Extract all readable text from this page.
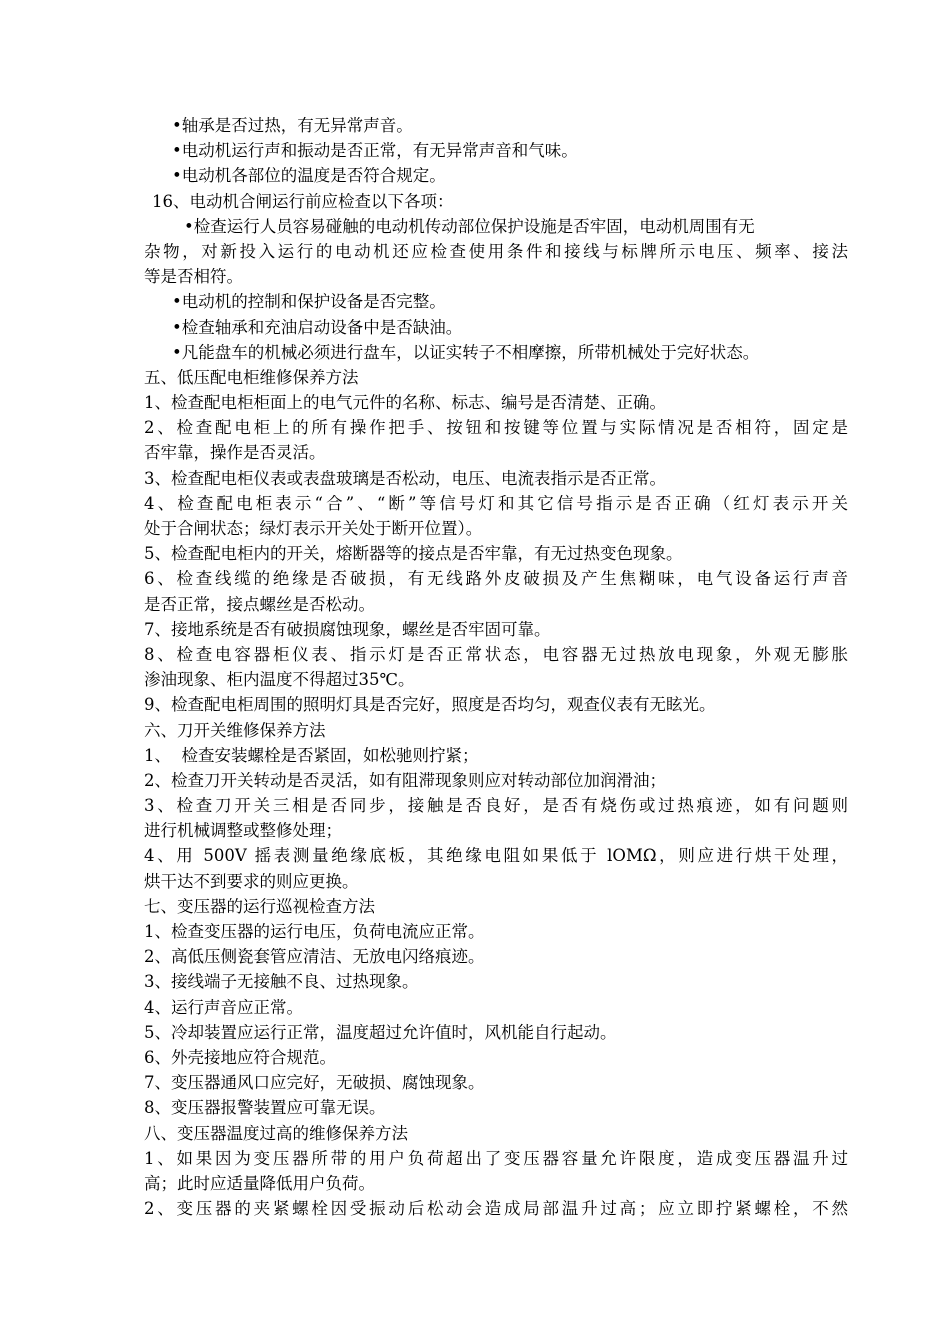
•轴承是否过热，有无异常声音。
•电动机运行声和振动是否正常，有无异常声音和气味。
•电动机各部位的温度是否符合规定。
16、电动机合闸运行前应检查以下各项：
•检查运行人员容易碰触的电动机传动部位保护设施是否牢固，电动机周围有无
杂物，对新投入运行的电动机还应检查使用条件和接线与标牌所示电压、频率、接法
等是否相符。
•电动机的控制和保护设备是否完整。
•检查轴承和充油启动设备中是否缺油。
•凡能盘车的机械必须进行盘车，以证实转子不相摩擦，所带机械处于完好状态。
五、低压配电柜维修保养方法
1、检查配电柜柜面上的电气元件的名称、标志、编号是否清楚、正确。
2、检查配电柜上的所有操作把手、按钮和按键等位置与实际情况是否相符，固定是
否牢靠，操作是否灵活。
3、检查配电柜仪表或表盘玻璃是否松动，电压、电流表指示是否正常。
4、检查配电柜表示“合”、“断”等信号灯和其它信号指示是否正确（红灯表示开关
处于合闸状态；绿灯表示开关处于断开位置）。
5、检查配电柜内的开关，熔断器等的接点是否牢靠，有无过热变色现象。
6、检查线缆的绝缘是否破损，有无线路外皮破损及产生焦糊味，电气设备运行声音
是否正常，接点螺丝是否松动。
7、接地系统是否有破损腐蚀现象，螺丝是否牢固可靠。
8、检查电容器柜仪表、指示灯是否正常状态，电容器无过热放电现象，外观无膨胀
渗油现象、柜内温度不得超过35℃。
9、检查配电柜周围的照明灯具是否完好，照度是否均匀，观查仪表有无眩光。
六、刀开关维修保养方法
1、  检查安装螺栓是否紧固，如松驰则拧紧；
2、检查刀开关转动是否灵活，如有阻滞现象则应对转动部位加润滑油；
3、检查刀开关三相是否同步，接触是否良好，是否有烧伤或过热痕迹，如有问题则
进行机械调整或整修处理；
4、用 500V 摇表测量绝缘底板，其绝缘电阻如果低于 lOMΩ，则应进行烘干处理，
烘干达不到要求的则应更换。
七、变压器的运行巡视检查方法
1、检查变压器的运行电压，负荷电流应正常。
2、高低压侧瓷套管应清洁、无放电闪络痕迹。
3、接线端子无接触不良、过热现象。
4、运行声音应正常。
5、冷却装置应运行正常，温度超过允许值时，风机能自行起动。
6、外壳接地应符合规范。
7、变压器通风口应完好，无破损、腐蚀现象。
8、变压器报警装置应可靠无误。
八、变压器温度过高的维修保养方法
1、如果因为变压器所带的用户负荷超出了变压器容量允许限度，造成变压器温升过
高；此时应适量降低用户负荷。
2、变压器的夹紧螺栓因受振动后松动会造成局部温升过高；应立即拧紧螺栓，不然
